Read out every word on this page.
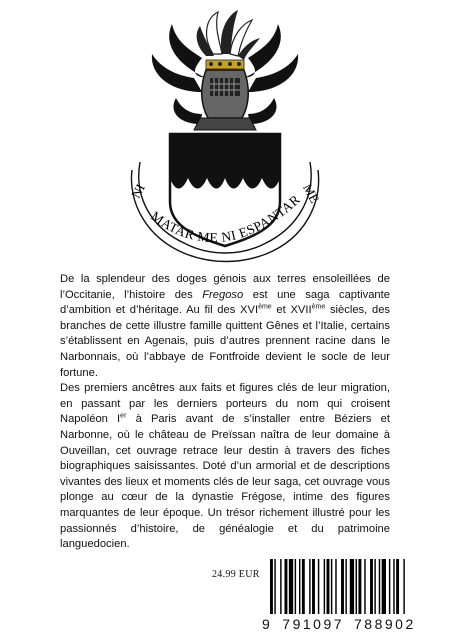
NI	ME
MATAR ME NI ESPANTAR

De la splendeur des doges génois aux terres ensoleillées de l’Occitanie, l’histoire des Fregoso est une saga captivante d’ambition et d’héritage. Au fil des XVIème et XVIIème siècles, des branches de cette illustre famille quittent Gênes et l’Italie, certains s’établissent en Agenais, puis d’autres prennent racine dans le Narbonnais, où l’abbaye de Fontfroide devient le socle de leur fortune.
Des premiers ancêtres aux faits et figures clés de leur migration, en passant par les derniers porteurs du nom qui croisent Napoléon Ier à Paris avant de s’installer entre Béziers et Narbonne, où le château de Preïssan naîtra de leur domaine à Ouveillan, cet ouvrage retrace leur destin à travers des fiches biographiques saisissantes. Doté d’un armorial et de descriptions vivantes des lieux et moments clés de leur saga, cet ouvrage vous plonge au cœur de la dynastie Frégose, intime des figures marquantes de leur époque. Un trésor richement illustré pour les passionnés d’histoire, de généalogie et du patrimoine languedocien.

24.99 EUR
9 791097 788902
